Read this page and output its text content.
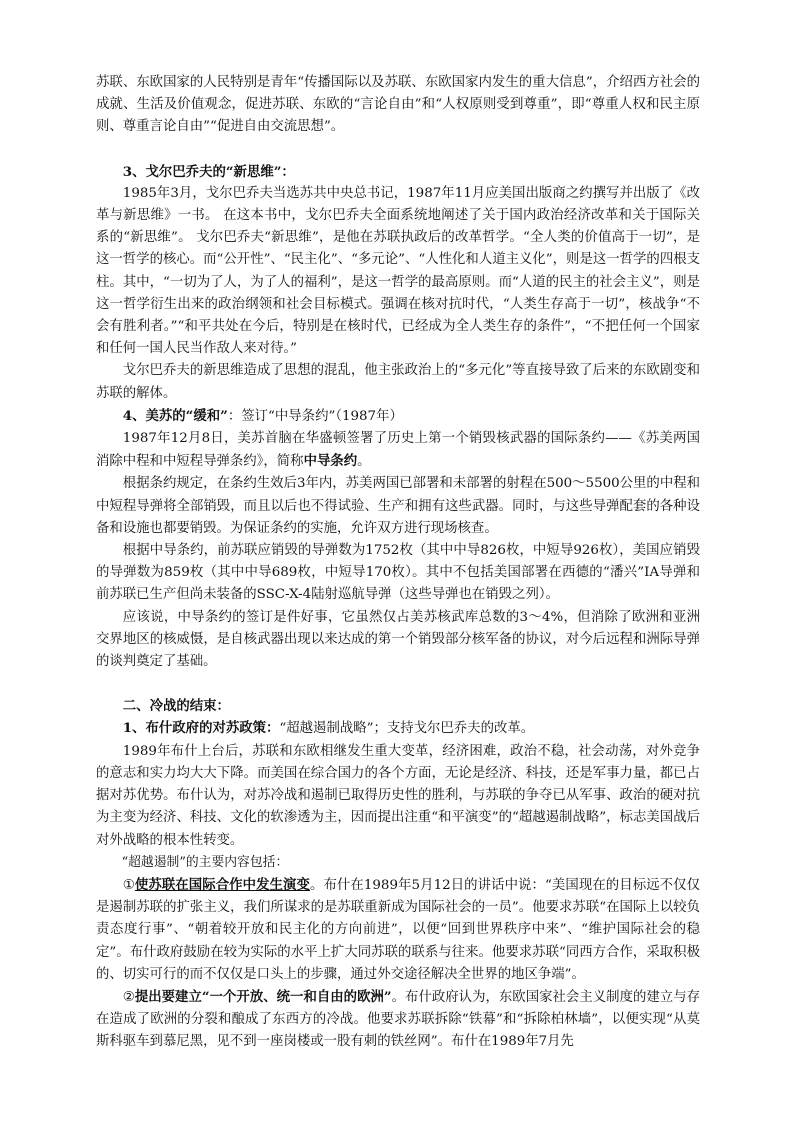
苏联、东欧国家的人民特别是青年“传播国际以及苏联、东欧国家内发生的重大信息”，介绍西方社会的成就、生活及价值观念，促进苏联、东欧的“言论自由”和“人权原则受到尊重”，即“尊重人权和民主原则、尊重言论自由”“促进自由交流思想”。

3、戈尔巴乔夫的“新思维”：

1985年3月，戈尔巴乔夫当选苏共中央总书记，1987年11月应美国出版商之约撰写并出版了《改革与新思维》一书。 在这本书中，戈尔巴乔夫全面系统地阐述了关于国内政治经济改革和关于国际关系的“新思维”。 戈尔巴乔夫“新思维”，是他在苏联执政后的改革哲学。“全人类的价值高于一切”，是这一哲学的核心。而“公开性”、“民主化”、“多元论”、“人性化和人道主义化”，则是这一哲学的四根支柱。其中，“一切为了人，为了人的福利”，是这一哲学的最高原则。而“人道的民主的社会主义”，则是这一哲学衍生出来的政治纲领和社会目标模式。强调在核对抗时代，“人类生存高于一切”，核战争“不会有胜利者。”“和平共处在今后，特别是在核时代，已经成为全人类生存的条件”，“不把任何一个国家和任何一国人民当作敌人来对待。”

戈尔巴乔夫的新思维造成了思想的混乱，他主张政治上的“多元化”等直接导致了后来的东欧剧变和苏联的解体。

4、美苏的“缓和”：签订“中导条约”（1987年）

1987年12月8日，美苏首脑在华盛顿签署了历史上第一个销毁核武器的国际条约——《苏美两国消除中程和中短程导弹条约》，简称中导条约。

根据条约规定，在条约生效后3年内，苏美两国已部署和未部署的射程在500～5500公里的中程和中短程导弹将全部销毁，而且以后也不得试验、生产和拥有这些武器。同时，与这些导弹配套的各种设备和设施也都要销毁。为保证条约的实施，允许双方进行现场核查。

根据中导条约，前苏联应销毁的导弹数为1752枚（其中中导826枚，中短导926枚），美国应销毁的导弹数为859枚（其中中导689枚，中短导170枚）。其中不包括美国部署在西德的“潘兴”IA导弹和前苏联已生产但尚未装备的SSC-X-4陆射巡航导弹（这些导弹也在销毁之列）。

应该说，中导条约的签订是件好事，它虽然仅占美苏核武库总数的3～4%，但消除了欧洲和亚洲交界地区的核威慑，是自核武器出现以来达成的第一个销毁部分核军备的协议，对今后远程和洲际导弹的谈判奠定了基础。

二、冷战的结束：

1、布什政府的对苏政策：“超越遏制战略”；支持戈尔巴乔夫的改革。

1989年布什上台后，苏联和东欧相继发生重大变革，经济困难，政治不稳，社会动荡，对外竞争的意志和实力均大大下降。而美国在综合国力的各个方面，无论是经济、科技，还是军事力量，都已占据对苏优势。布什认为，对苏冷战和遏制已取得历史性的胜利，与苏联的争夺已从军事、政治的硬对抗为主变为经济、科技、文化的软渗透为主，因而提出注重“和平演变”的“超越遏制战略”，标志美国战后对外战略的根本性转变。

“超越遏制”的主要内容包括：

①使苏联在国际合作中发生演变。布什在1989年5月12日的讲话中说：“美国现在的目标远不仅仅是遏制苏联的扩张主义，我们所谋求的是苏联重新成为国际社会的一员”。他要求苏联“在国际上以较负责态度行事”、“朝着较开放和民主化的方向前进”，以便“回到世界秩序中来”、“维护国际社会的稳定”。布什政府鼓励在较为实际的水平上扩大同苏联的联系与往来。他要求苏联“同西方合作，采取积极的、切实可行的而不仅仅是口头上的步骤，通过外交途径解决全世界的地区争端”。

②提出要建立“一个开放、统一和自由的欧洲”。布什政府认为，东欧国家社会主义制度的建立与存在造成了欧洲的分裂和酿成了东西方的冷战。他要求苏联拆除“铁幕”和“拆除柏林墙”，以便实现“从莫斯科驱车到慕尼黑，见不到一座岗楼或一股有刺的铁丝网”。布什在1989年7月先
